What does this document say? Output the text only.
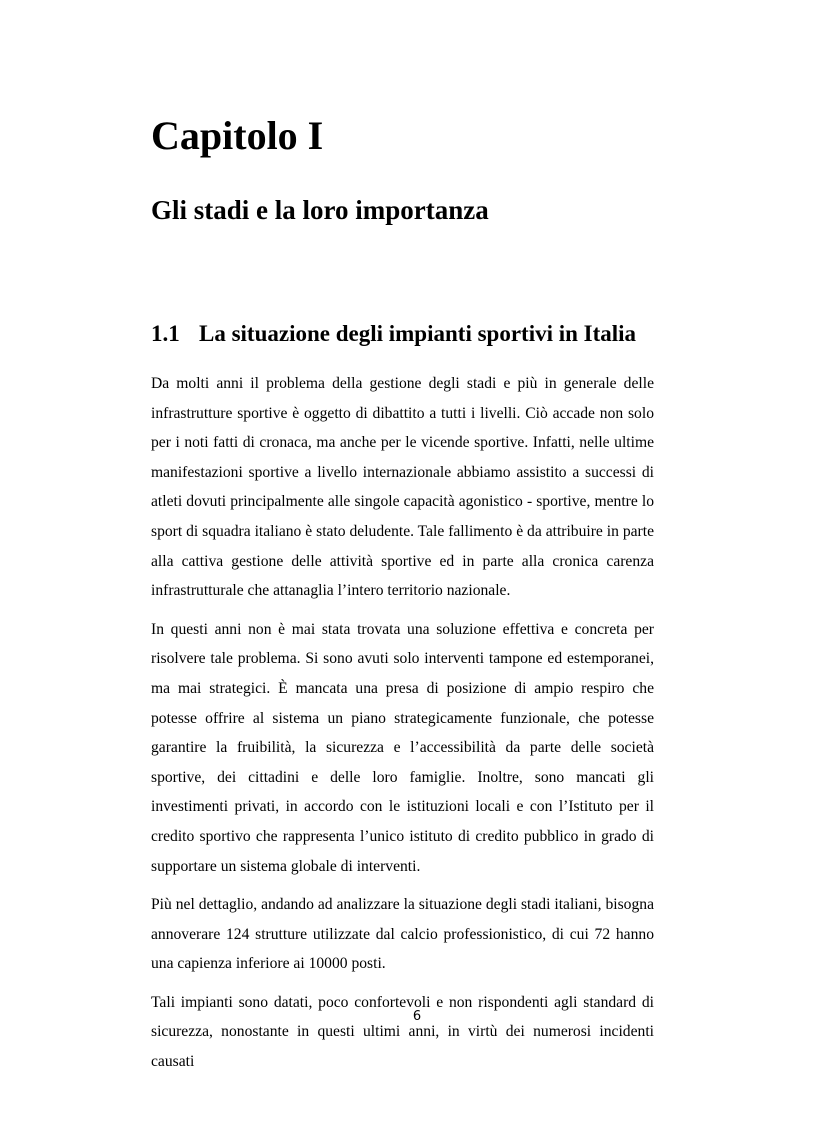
Capitolo I
Gli stadi e la loro importanza
1.1 La situazione degli impianti sportivi in Italia

Da molti anni il problema della gestione degli stadi e più in generale delle infrastrutture sportive è oggetto di dibattito a tutti i livelli. Ciò accade non solo per i noti fatti di cronaca, ma anche per le vicende sportive. Infatti, nelle ultime manifestazioni sportive a livello internazionale abbiamo assistito a successi di atleti dovuti principalmente alle singole capacità agonistico - sportive, mentre lo sport di squadra italiano è stato deludente. Tale fallimento è da attribuire in parte alla cattiva gestione delle attività sportive ed in parte alla cronica carenza infrastrutturale che attanaglia l’intero territorio nazionale.

In questi anni non è mai stata trovata una soluzione effettiva e concreta per risolvere tale problema. Si sono avuti solo interventi tampone ed estemporanei, ma mai strategici. È mancata una presa di posizione di ampio respiro che potesse offrire al sistema un piano strategicamente funzionale, che potesse garantire la fruibilità, la sicurezza e l’accessibilità da parte delle società sportive, dei cittadini e delle loro famiglie. Inoltre, sono mancati gli investimenti privati, in accordo con le istituzioni locali e con l’Istituto per il credito sportivo che rappresenta l’unico istituto di credito pubblico in grado di supportare un sistema globale di interventi.

Più nel dettaglio, andando ad analizzare la situazione degli stadi italiani, bisogna annoverare 124 strutture utilizzate dal calcio professionistico, di cui 72 hanno una capienza inferiore ai 10000 posti.

Tali impianti sono datati, poco confortevoli e non rispondenti agli standard di sicurezza, nonostante in questi ultimi anni, in virtù dei numerosi incidenti causati

6
